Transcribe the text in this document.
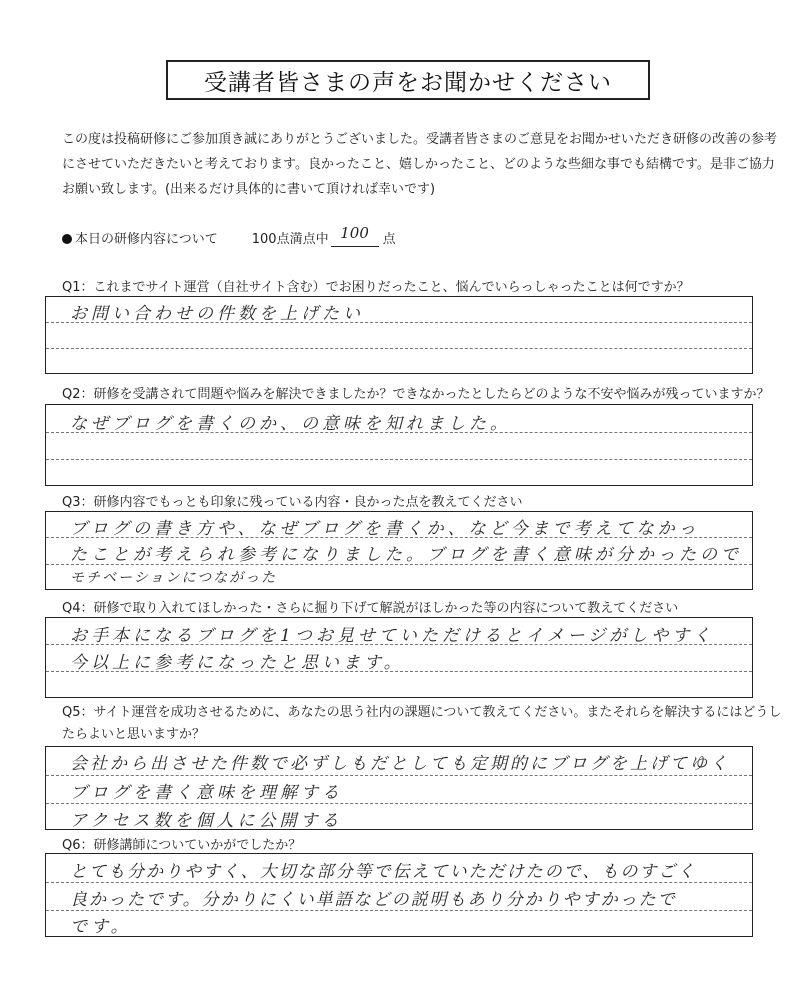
受講者皆さまの声をお聞かせください
この度は投稿研修にご参加頂き誠にありがとうございました。受講者皆さまのご意見をお聞かせいただき研修の改善の参考にさせていただきたいと考えております。良かったこと、嬉しかったこと、どのような些細な事でも結構です。是非ご協力お願い致します。(出来るだけ具体的に書いて頂ければ幸いです)
本日の研修内容について	100点満点中 100	点
Q1：これまでサイト運営（自社サイト含む）でお困りだったこと、悩んでいらっしゃったことは何ですか？
お問い合わせの件数を上げたい
Q2：研修を受講されて問題や悩みを解決できましたか？できなかったとしたらどのような不安や悩みが残っていますか？
なぜブログを書くのか、の意味を知れました。
Q3：研修内容でもっとも印象に残っている内容・良かった点を教えてください
ブログの書き方や、なぜブログを書くか、など今まで考えてなかっ
たことが考えられ参考になりました。ブログを書く意味が分かったので
モチベーションにつながった
Q4：研修で取り入れてほしかった・さらに掘り下げて解説がほしかった等の内容について教えてください
お手本になるブログを1つお見せていただけるとイメージがしやすく
今以上に参考になったと思います。
Q5：サイト運営を成功させるために、あなたの思う社内の課題について教えてください。またそれらを解決するにはどうしたらよいと思いますか？
会社から出させた件数で必ずしもだとしても定期的にブログを上げてゆく
ブログを書く意味を理解する
アクセス数を個人に公開する
Q6：研修講師についていかがでしたか？
とても分かりやすく、大切な部分等で伝えていただけたので、ものすごく
良かったです。分かりにくい単語などの説明もあり分かりやすかったで
です。
